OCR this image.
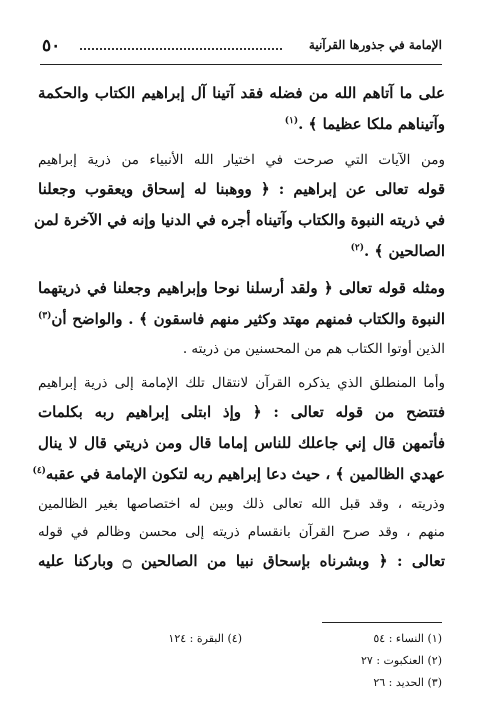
٥٠	الإمامة في جذورها القرآنية
على ما آتاهم الله من فضله فقد آتينا آل إبراهيم الكتاب والحكمة
وآتيناهم ملكا عظيما ﴾ .$^{(١)}$
ومن الآيات التي صرحت في اختيار الله الأنبياء من ذرية إبراهيم
قوله تعالى عن إبراهيم : ﴿ ووهبنا له إسحاق ويعقوب وجعلنا
في ذريته النبوة والكتاب وآتيناه أجره في الدنيا وإنه في الآخرة لمن
الصالحين ﴾ .$^{(٢)}$
ومثله قوله تعالى ﴿ ولقد أرسلنا نوحا وإبراهيم وجعلنا في ذريتهما
النبوة والكتاب فمنهم مهتد وكثير منهم فاسقون ﴾ . والواضح أن$^{(٣)}$
الذين أوتوا الكتاب هم من المحسنين من ذريته .
وأما المنطلق الذي يذكره القرآن لانتقال تلك الإمامة إلى ذرية إبراهيم
فتتضح من قوله تعالى : ﴿ وإذ ابتلى إبراهيم ربه بكلمات
فأتمهن قال إني جاعلك للناس إماما قال ومن ذريتي قال لا ينال
عهدي الظالمين ﴾ ، حيث دعا إبراهيم ربه لتكون الإمامة في عقبه$^{(٤)}$
وذريته ، وقد قبل الله تعالى ذلك وبين له اختصاصها بغير الظالمين
منهم ، وقد صرح القرآن بانقسام ذريته إلى محسن وظالم في قوله
تعالى : ﴿ وبشرناه بإسحاق نبيا من الصالحين ۝ وباركنا عليه
(١) النساء : ٥٤
(٤) البقرة : ١٢٤
(٢) العنكبوت : ٢٧
(٣) الحديد : ٢٦
